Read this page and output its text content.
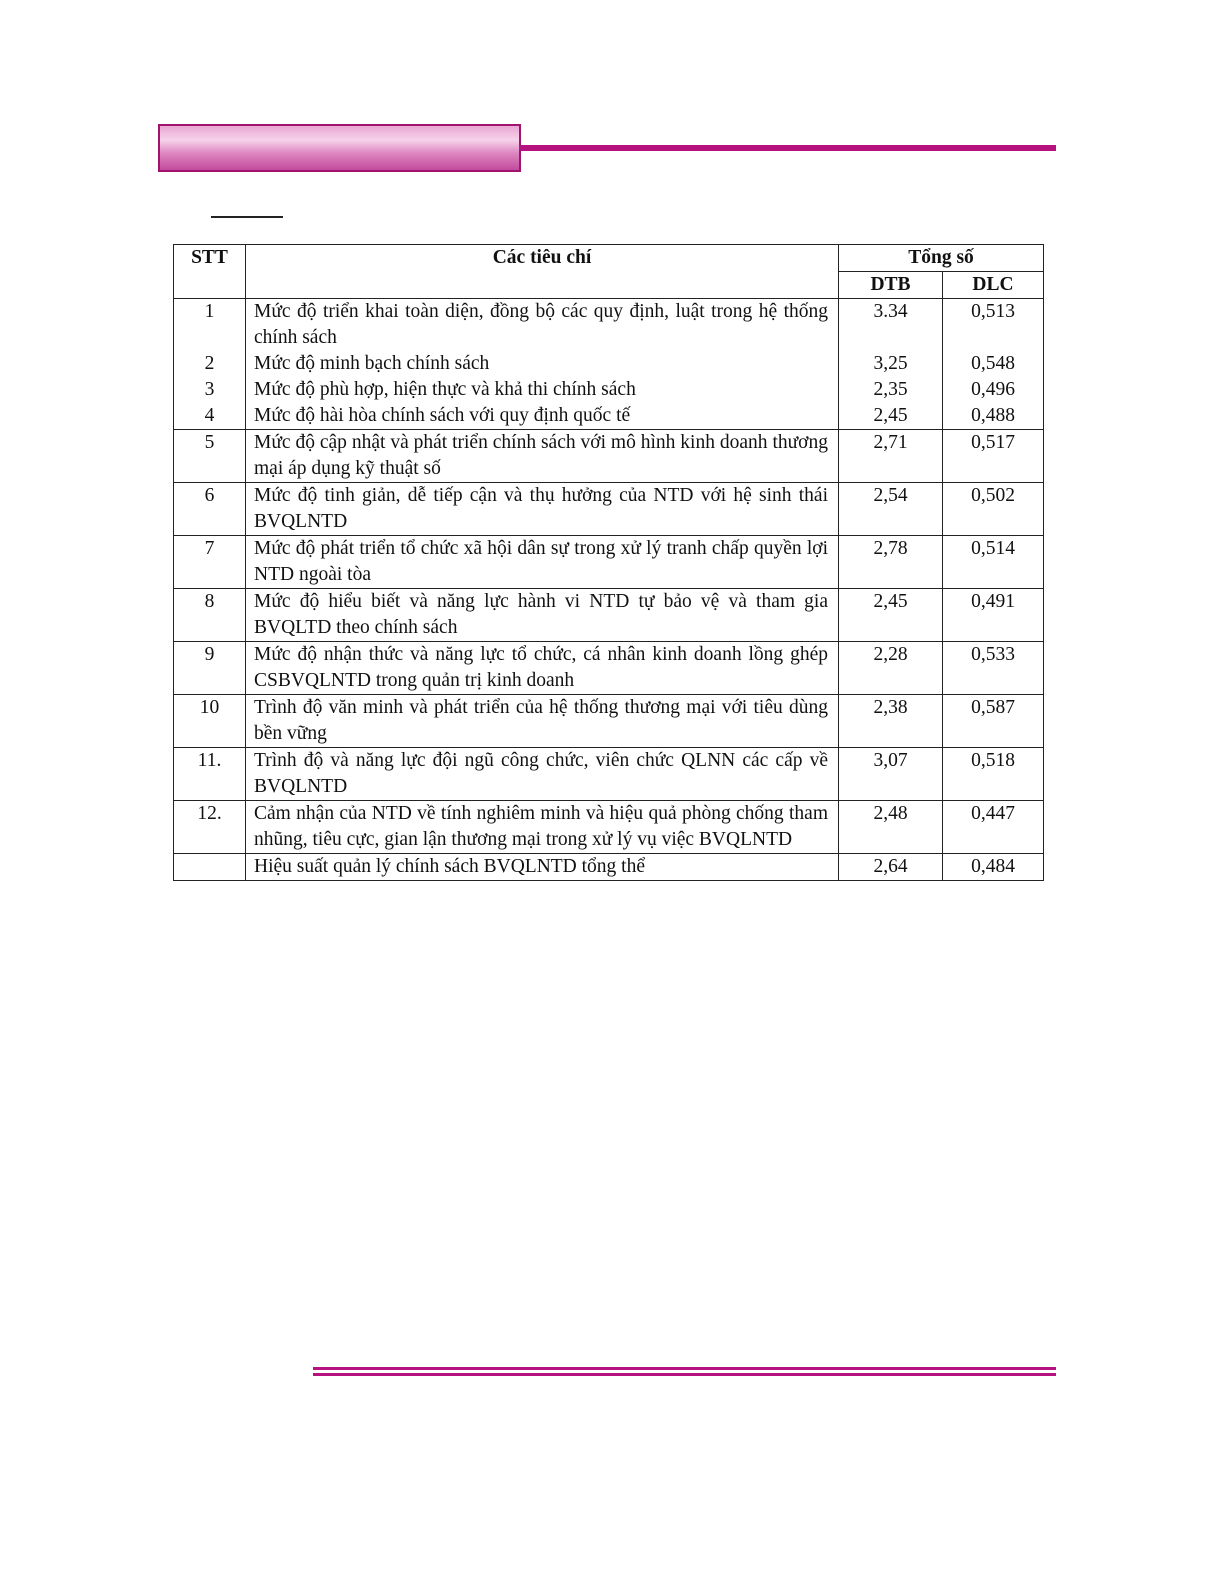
STT	Các tiêu chí	Tổng số	
		DTB	DLC
1	Mức độ triển khai toàn diện, đồng bộ các quy định, luật trong hệ thống chính sách	3.34	0,513
2	Mức độ minh bạch chính sách	3,25	0,548
3	Mức độ phù hợp, hiện thực và khả thi chính sách	2,35	0,496
4	Mức độ hài hòa chính sách với quy định quốc tế	2,45	0,488
5	Mức độ cập nhật và phát triển chính sách với mô hình kinh doanh thương mại áp dụng kỹ thuật số	2,71	0,517
6	Mức độ tinh giản, dễ tiếp cận và thụ hưởng của NTD với hệ sinh thái BVQLNTD	2,54	0,502
7	Mức độ phát triển tổ chức xã hội dân sự trong xử lý tranh chấp quyền lợi NTD ngoài tòa	2,78	0,514
8	Mức độ hiểu biết và năng lực hành vi NTD tự bảo vệ và tham gia BVQLTD theo chính sách	2,45	0,491
9	Mức độ nhận thức và năng lực tổ chức, cá nhân kinh doanh lồng ghép CSBVQLNTD trong quản trị kinh doanh	2,28	0,533
10	Trình độ văn minh và phát triển của hệ thống thương mại với tiêu dùng bền vững	2,38	0,587
11.	Trình độ và năng lực đội ngũ công chức, viên chức QLNN các cấp về BVQLNTD	3,07	0,518
12.	Cảm nhận của NTD về tính nghiêm minh và hiệu quả phòng chống tham nhũng, tiêu cực, gian lận thương mại trong xử lý vụ việc BVQLNTD	2,48	0,447
	Hiệu suất quản lý chính sách BVQLNTD tổng thể	2,64	0,484
